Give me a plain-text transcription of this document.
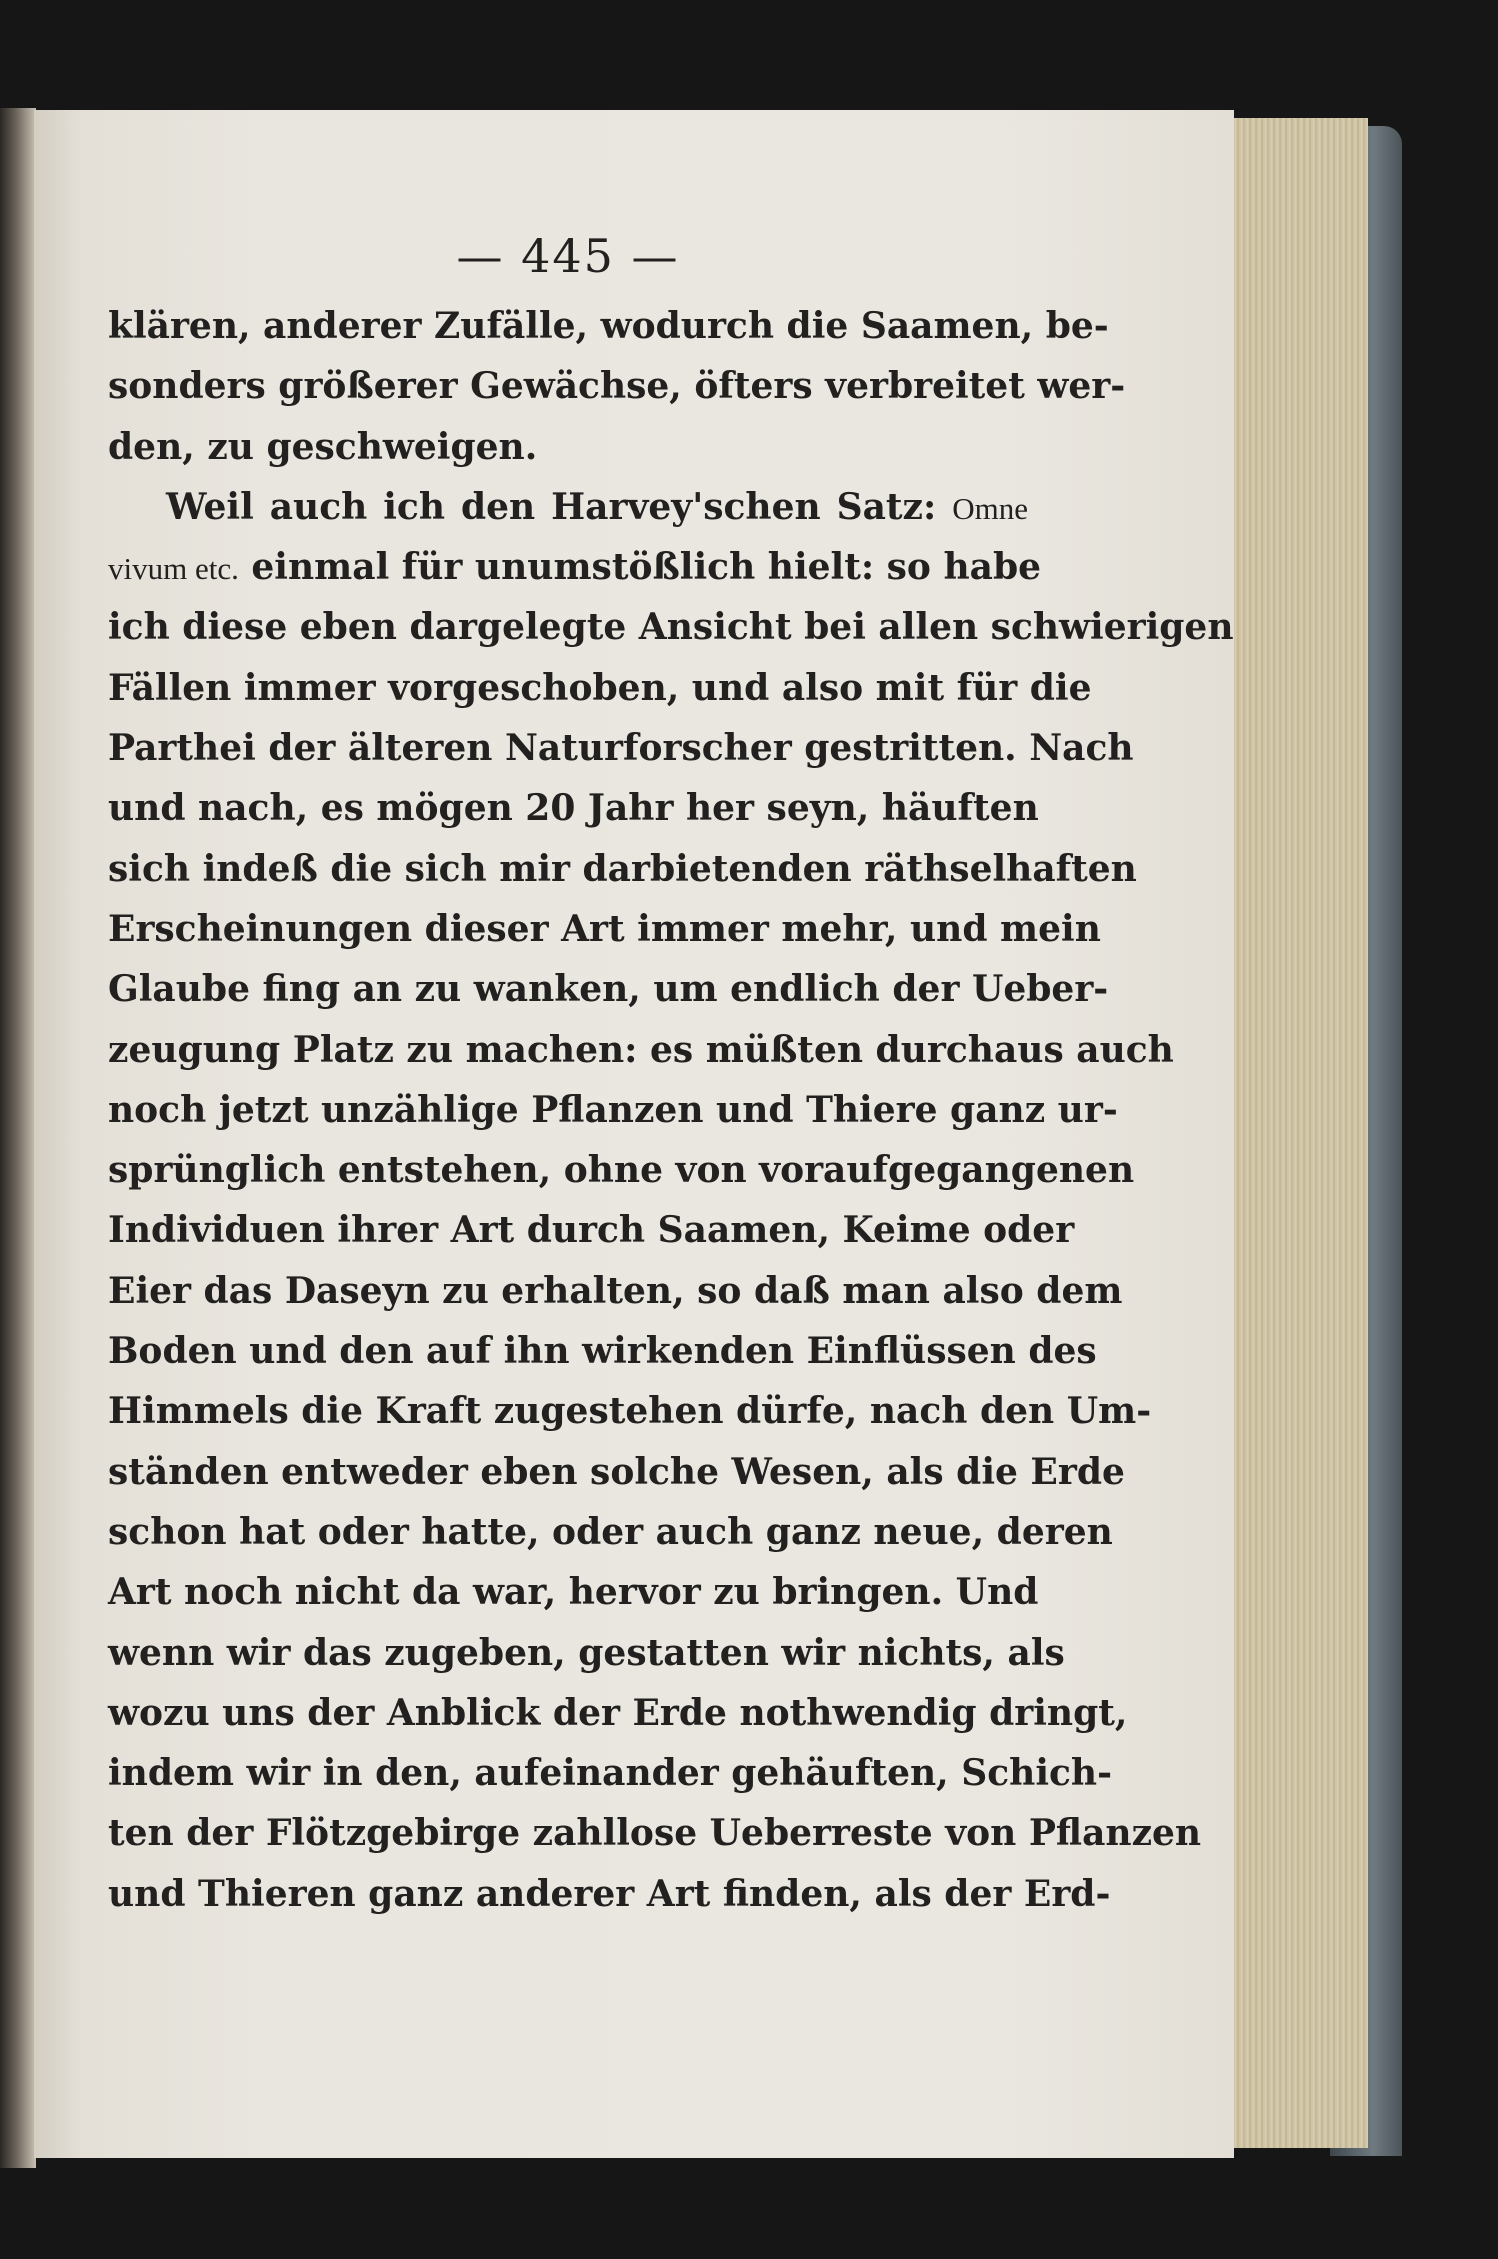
— 445 —
klären, anderer Zufälle, wodurch die Saamen, be-
sonders größerer Gewächse, öfters verbreitet wer-
den, zu geschweigen.
Weil auch ich den Harvey'schen Satz: Omne
vivum etc. einmal für unumstößlich hielt: so habe
ich diese eben dargelegte Ansicht bei allen schwierigen
Fällen immer vorgeschoben, und also mit für die
Parthei der älteren Naturforscher gestritten. Nach
und nach, es mögen 20 Jahr her seyn, häuften
sich indeß die sich mir darbietenden räthselhaften
Erscheinungen dieser Art immer mehr, und mein
Glaube fing an zu wanken, um endlich der Ueber-
zeugung Platz zu machen: es müßten durchaus auch
noch jetzt unzählige Pflanzen und Thiere ganz ur-
sprünglich entstehen, ohne von voraufgegangenen
Individuen ihrer Art durch Saamen, Keime oder
Eier das Daseyn zu erhalten, so daß man also dem
Boden und den auf ihn wirkenden Einflüssen des
Himmels die Kraft zugestehen dürfe, nach den Um-
ständen entweder eben solche Wesen, als die Erde
schon hat oder hatte, oder auch ganz neue, deren
Art noch nicht da war, hervor zu bringen. Und
wenn wir das zugeben, gestatten wir nichts, als
wozu uns der Anblick der Erde nothwendig dringt,
indem wir in den, aufeinander gehäuften, Schich-
ten der Flötzgebirge zahllose Ueberreste von Pflanzen
und Thieren ganz anderer Art finden, als der Erd-
